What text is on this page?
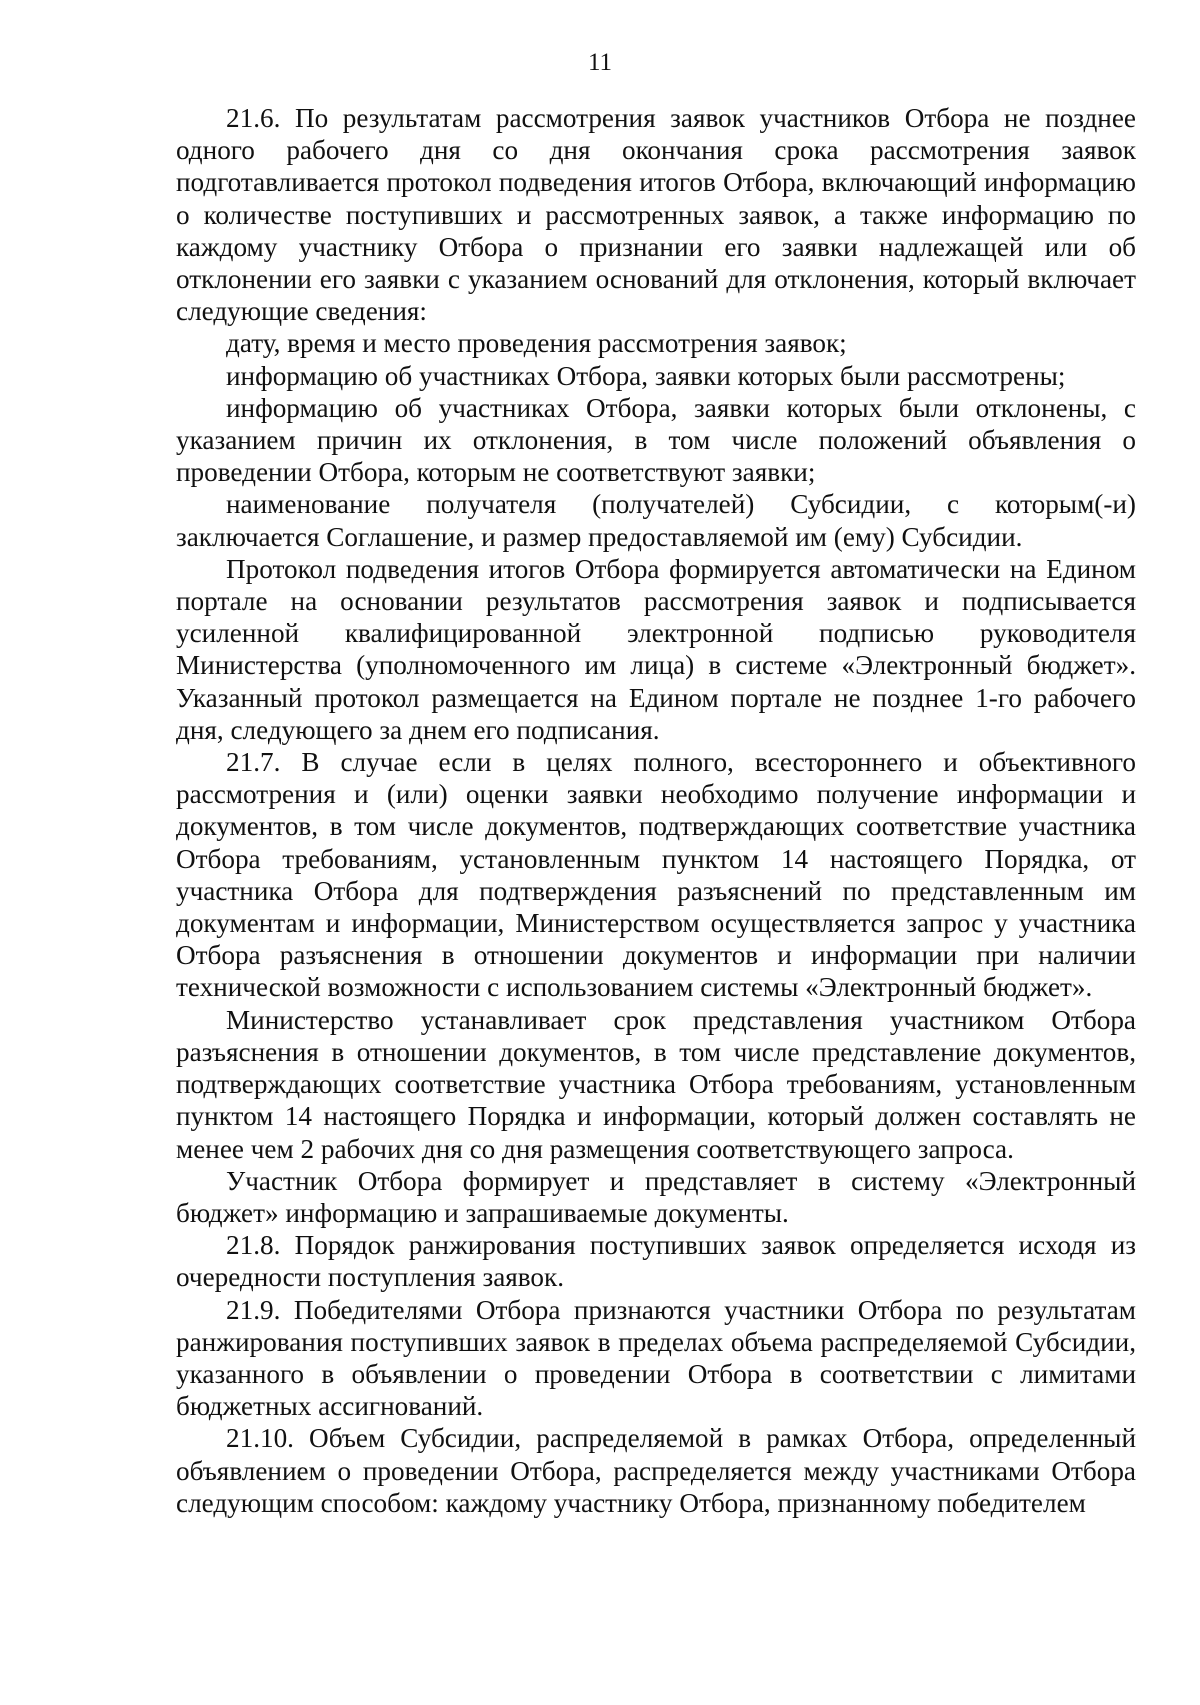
11

21.6. По результатам рассмотрения заявок участников Отбора не позднее одного рабочего дня со дня окончания срока рассмотрения заявок подготавливается протокол подведения итогов Отбора, включающий информацию о количестве поступивших и рассмотренных заявок, а также информацию по каждому участнику Отбора о признании его заявки надлежащей или об отклонении его заявки с указанием оснований для отклонения, который включает следующие сведения:

дату, время и место проведения рассмотрения заявок;

информацию об участниках Отбора, заявки которых были рассмотрены;

информацию об участниках Отбора, заявки которых были отклонены, с указанием причин их отклонения, в том числе положений объявления о проведении Отбора, которым не соответствуют заявки;

наименование получателя (получателей) Субсидии, с которым(-и) заключается Соглашение, и размер предоставляемой им (ему) Субсидии.

Протокол подведения итогов Отбора формируется автоматически на Едином портале на основании результатов рассмотрения заявок и подписывается усиленной квалифицированной электронной подписью руководителя Министерства (уполномоченного им лица) в системе «Электронный бюджет». Указанный протокол размещается на Едином портале не позднее 1-го рабочего дня, следующего за днем его подписания.

21.7. В случае если в целях полного, всестороннего и объективного рассмотрения и (или) оценки заявки необходимо получение информации и документов, в том числе документов, подтверждающих соответствие участника Отбора требованиям, установленным пунктом 14 настоящего Порядка, от участника Отбора для подтверждения разъяснений по представленным им документам и информации, Министерством осуществляется запрос у участника Отбора разъяснения в отношении документов и информации при наличии технической возможности с использованием системы «Электронный бюджет».

Министерство устанавливает срок представления участником Отбора разъяснения в отношении документов, в том числе представление документов, подтверждающих соответствие участника Отбора требованиям, установленным пунктом 14 настоящего Порядка и информации, который должен составлять не менее чем 2 рабочих дня со дня размещения соответствующего запроса.

Участник Отбора формирует и представляет в систему «Электронный бюджет» информацию и запрашиваемые документы.

21.8. Порядок ранжирования поступивших заявок определяется исходя из очередности поступления заявок.

21.9. Победителями Отбора признаются участники Отбора по результатам ранжирования поступивших заявок в пределах объема распределяемой Субсидии, указанного в объявлении о проведении Отбора в соответствии с лимитами бюджетных ассигнований.

21.10. Объем Субсидии, распределяемой в рамках Отбора, определенный объявлением о проведении Отбора, распределяется между участниками Отбора следующим способом: каждому участнику Отбора, признанному победителем
